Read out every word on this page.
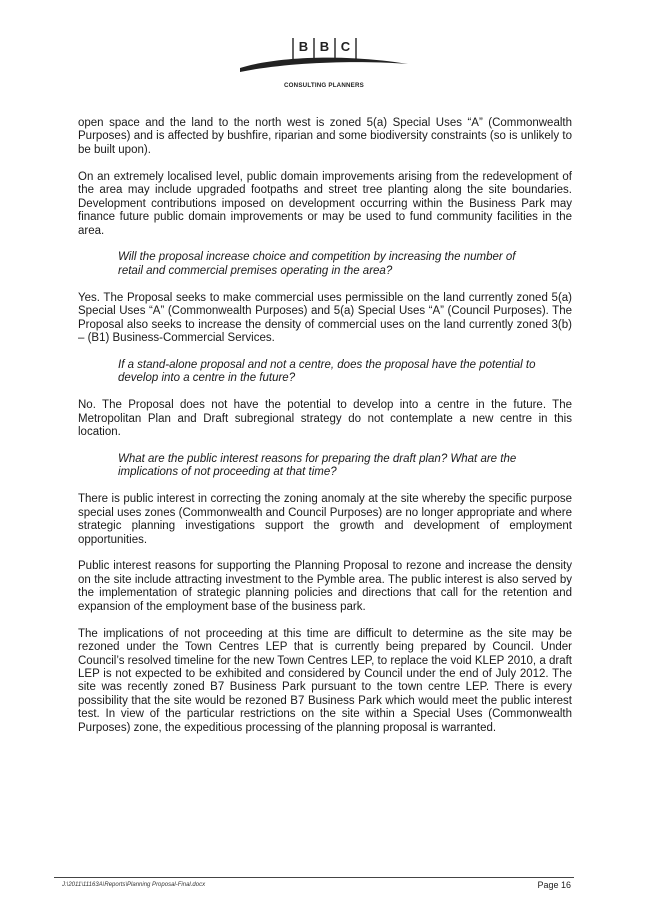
B B C
CONSULTING PLANNERS

open space and the land to the north west is zoned 5(a) Special Uses “A” (Commonwealth Purposes) and is affected by bushfire, riparian and some biodiversity constraints (so is unlikely to be built upon).

On an extremely localised level, public domain improvements arising from the redevelopment of the area may include upgraded footpaths and street tree planting along the site boundaries. Development contributions imposed on development occurring within the Business Park may finance future public domain improvements or may be used to fund community facilities in the area.

Will the proposal increase choice and competition by increasing the number of retail and commercial premises operating in the area?

Yes. The Proposal seeks to make commercial uses permissible on the land currently zoned 5(a) Special Uses “A” (Commonwealth Purposes) and 5(a) Special Uses “A” (Council Purposes). The Proposal also seeks to increase the density of commercial uses on the land currently zoned 3(b) – (B1) Business-Commercial Services.

If a stand-alone proposal and not a centre, does the proposal have the potential to develop into a centre in the future?

No. The Proposal does not have the potential to develop into a centre in the future. The Metropolitan Plan and Draft subregional strategy do not contemplate a new centre in this location.

What are the public interest reasons for preparing the draft plan? What are the implications of not proceeding at that time?

There is public interest in correcting the zoning anomaly at the site whereby the specific purpose special uses zones (Commonwealth and Council Purposes) are no longer appropriate and where strategic planning investigations support the growth and development of employment opportunities.

Public interest reasons for supporting the Planning Proposal to rezone and increase the density on the site include attracting investment to the Pymble area. The public interest is also served by the implementation of strategic planning policies and directions that call for the retention and expansion of the employment base of the business park.

The implications of not proceeding at this time are difficult to determine as the site may be rezoned under the Town Centres LEP that is currently being prepared by Council. Under Council’s resolved timeline for the new Town Centres LEP, to replace the void KLEP 2010, a draft LEP is not expected to be exhibited and considered by Council under the end of July 2012. The site was recently zoned B7 Business Park pursuant to the town centre LEP. There is every possibility that the site would be rezoned B7 Business Park which would meet the public interest test. In view of the particular restrictions on the site within a Special Uses (Commonwealth Purposes) zone, the expeditious processing of the planning proposal is warranted.

J:\2011\11163A\Reports\Planning Proposal-Final.docx	Page 16
